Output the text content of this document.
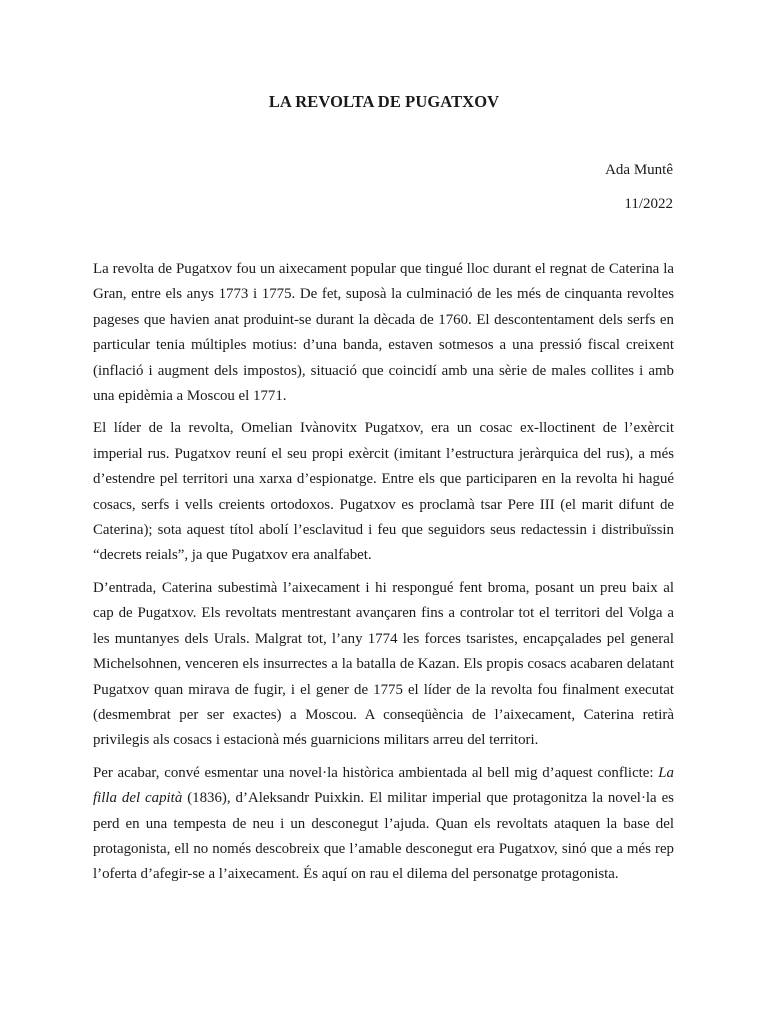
LA REVOLTA DE PUGATXOV

Ada Muntê

11/2022

La revolta de Pugatxov fou un aixecament popular que tingué lloc durant el regnat de Caterina la Gran, entre els anys 1773 i 1775. De fet, suposà la culminació de les més de cinquanta revoltes pageses que havien anat produint-se durant la dècada de 1760. El descontentament dels serfs en particular tenia múltiples motius: d’una banda, estaven sotmesos a una pressió fiscal creixent (inflació i augment dels impostos), situació que coincidí amb una sèrie de males collites i amb una epidèmia a Moscou el 1771.

El líder de la revolta, Omelian Ivànovitx Pugatxov, era un cosac ex-lloctinent de l’exèrcit imperial rus. Pugatxov reuní el seu propi exèrcit (imitant l’estructura jeràrquica del rus), a més d’estendre pel territori una xarxa d’espionatge. Entre els que participaren en la revolta hi hagué cosacs, serfs i vells creients ortodoxos. Pugatxov es proclamà tsar Pere III (el marit difunt de Caterina); sota aquest títol abolí l’esclavitud i feu que seguidors seus redactessin i distribuïssin “decrets reials”, ja que Pugatxov era analfabet.

D’entrada, Caterina subestimà l’aixecament i hi respongué fent broma, posant un preu baix al cap de Pugatxov. Els revoltats mentrestant avançaren fins a controlar tot el territori del Volga a les muntanyes dels Urals. Malgrat tot, l’any 1774 les forces tsaristes, encapçalades pel general Michelsohnen, venceren els insurrectes a la batalla de Kazan. Els propis cosacs acabaren delatant Pugatxov quan mirava de fugir, i el gener de 1775 el líder de la revolta fou finalment executat (desmembrat per ser exactes) a Moscou. A conseqüència de l’aixecament, Caterina retirà privilegis als cosacs i estacionà més guarnicions militars arreu del territori.

Per acabar, convé esmentar una novel·la històrica ambientada al bell mig d’aquest conflicte: La filla del capità (1836), d’Aleksandr Puixkin. El militar imperial que protagonitza la novel·la es perd en una tempesta de neu i un desconegut l’ajuda. Quan els revoltats ataquen la base del protagonista, ell no només descobreix que l’amable desconegut era Pugatxov, sinó que a més rep l’oferta d’afegir-se a l’aixecament. És aquí on rau el dilema del personatge protagonista.
